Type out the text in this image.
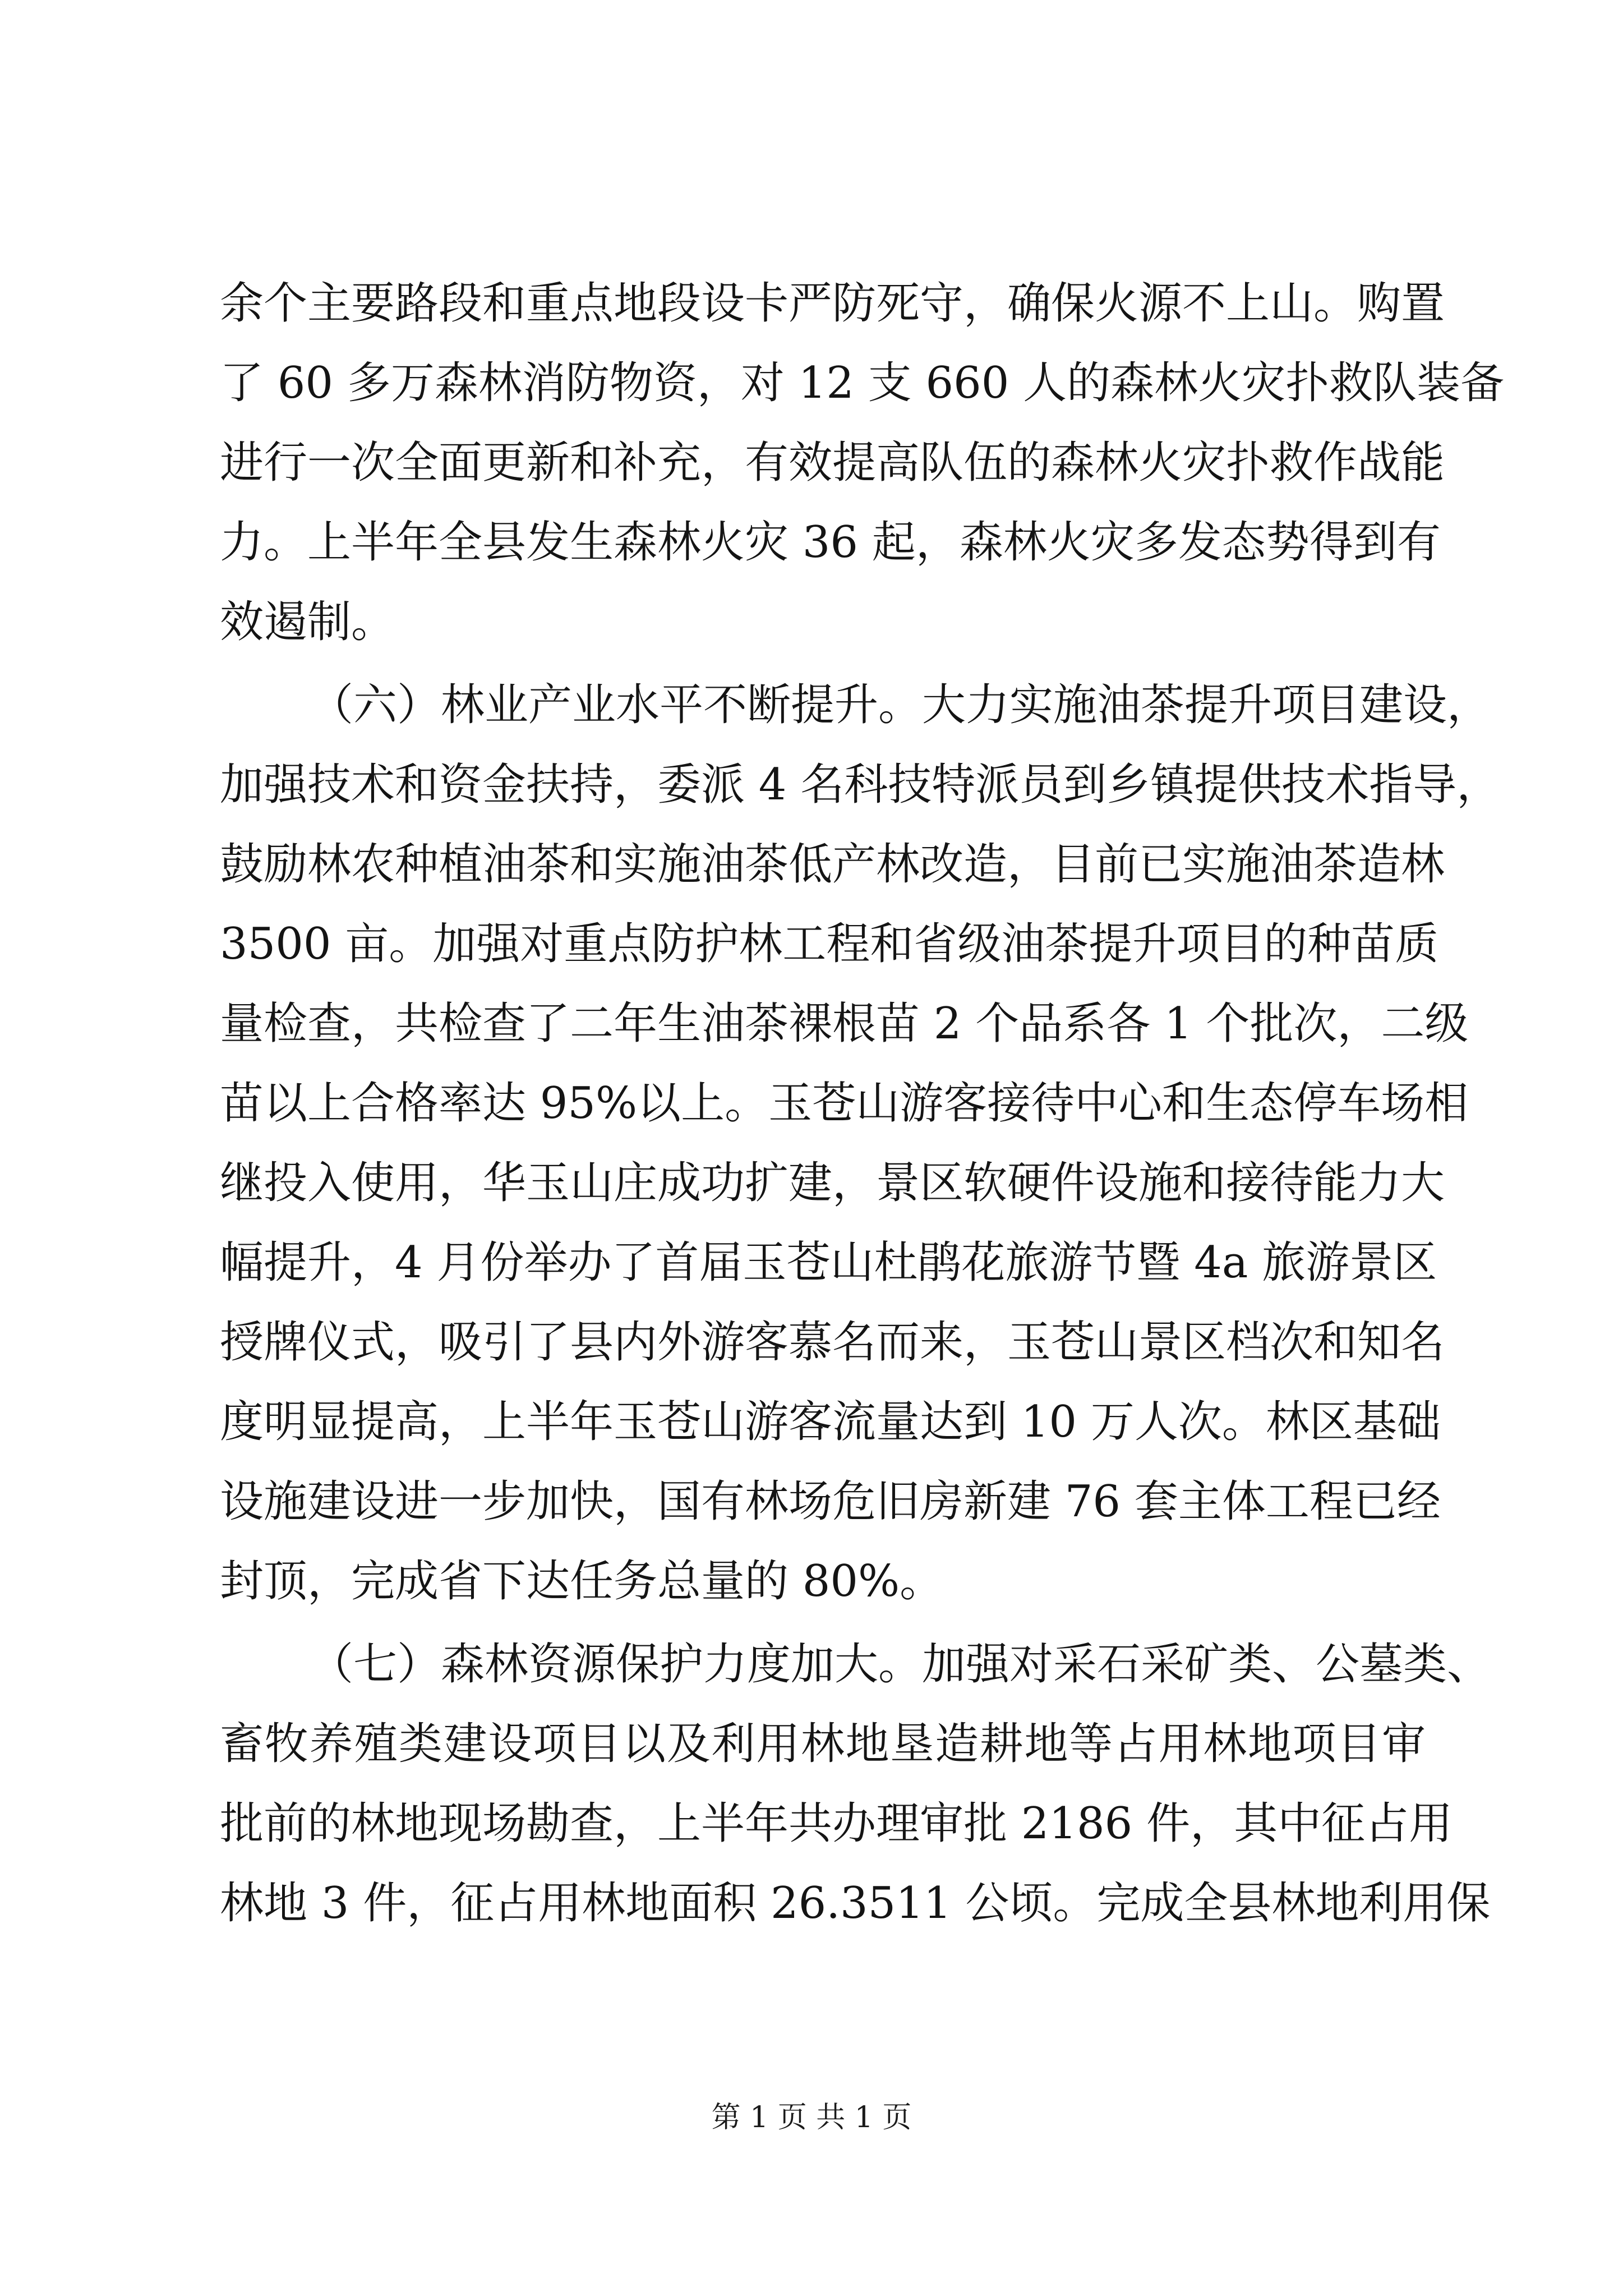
余个主要路段和重点地段设卡严防死守，确保火源不上山。购置
了 60 多万森林消防物资，对 12 支 660 人的森林火灾扑救队装备
进行一次全面更新和补充，有效提高队伍的森林火灾扑救作战能
力。上半年全县发生森林火灾 36 起，森林火灾多发态势得到有
效遏制。
（六）林业产业水平不断提升。大力实施油茶提升项目建设，
加强技术和资金扶持，委派 4 名科技特派员到乡镇提供技术指导，
鼓励林农种植油茶和实施油茶低产林改造，目前已实施油茶造林
3500 亩。加强对重点防护林工程和省级油茶提升项目的种苗质
量检查，共检查了二年生油茶裸根苗 2 个品系各 1 个批次，二级
苗以上合格率达 95%以上。玉苍山游客接待中心和生态停车场相
继投入使用，华玉山庄成功扩建，景区软硬件设施和接待能力大
幅提升，4 月份举办了首届玉苍山杜鹃花旅游节暨 4a 旅游景区
授牌仪式，吸引了县内外游客慕名而来，玉苍山景区档次和知名
度明显提高，上半年玉苍山游客流量达到 10 万人次。林区基础
设施建设进一步加快，国有林场危旧房新建 76 套主体工程已经
封顶，完成省下达任务总量的 80%。
（七）森林资源保护力度加大。加强对采石采矿类、公墓类、
畜牧养殖类建设项目以及利用林地垦造耕地等占用林地项目审
批前的林地现场勘查，上半年共办理审批 2186 件，其中征占用
林地 3 件，征占用林地面积 26.3511 公顷。完成全县林地利用保
第 1 页 共 1 页
